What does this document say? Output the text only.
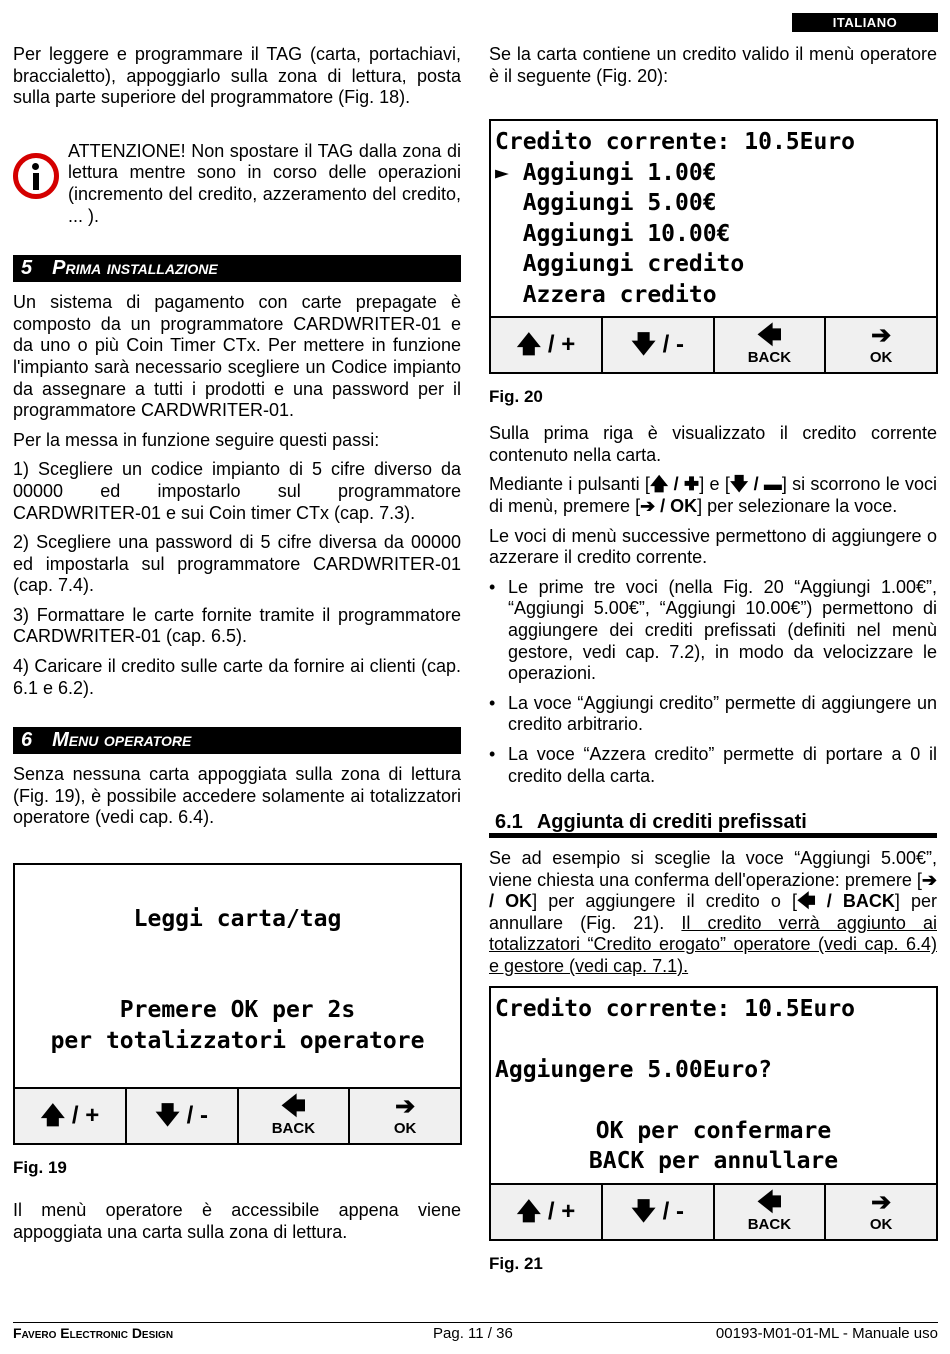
ITALIANO

Per leggere e programmare il TAG (carta, portachiavi, braccialetto), appoggiarlo sulla zona di lettura, posta sulla parte superiore del programmatore (Fig. 18).

ATTENZIONE! Non spostare il TAG dalla zona di lettura mentre sono in corso delle operazioni (incremento del credito, azzeramento del credito, ... ).

5 Prima installazione

Un sistema di pagamento con carte prepagate è composto da un programmatore CARDWRITER-01 e da uno o più Coin Timer CTx. Per mettere in funzione l'impianto sarà necessario scegliere un Codice impianto da assegnare a tutti i prodotti e una password per il programmatore CARDWRITER-01.

Per la messa in funzione seguire questi passi:

1) Scegliere un codice impianto di 5 cifre diverso da 00000 ed impostarlo sul programmatore CARDWRITER-01 e sui Coin timer CTx (cap. 7.3).

2) Scegliere una password di 5 cifre diversa da 00000 ed impostarla sul programmatore CARDWRITER-01 (cap. 7.4).

3) Formattare le carte fornite tramite il programmatore CARDWRITER-01 (cap. 6.5).

4) Caricare il credito sulle carte da fornire ai clienti (cap. 6.1 e 6.2).

6 Menu operatore

Senza nessuna carta appoggiata sulla zona di lettura (Fig. 19), è possibile accedere solamente ai totalizzatori operatore (vedi cap. 6.4).

Leggi carta/tag
Premere OK per 2s
per totalizzatori operatore
🡅
/ + 🡇
/ -	🡄
BACK
➔
OK
Fig. 19

Il menù operatore è accessibile appena viene appoggiata una carta sulla zona di lettura.

Se la carta contiene un credito valido il menù operatore è il seguente (Fig. 20):

Credito corrente: 10.5Euro
► Aggiungi 1.00€
Aggiungi 5.00€
Aggiungi 10.00€
Aggiungi credito
Azzera credito
🡅
/ + 🡇
/ -	🡄
BACK
➔
OK
Fig. 20

Sulla prima riga è visualizzato il credito corrente contenuto nella carta.

Mediante i pulsanti [🡅 / ✚] e [🡇 / ▬] si scorrono le voci di menù, premere [➔ / OK] per selezionare la voce.

Le voci di menù successive permettono di aggiungere o azzerare il credito corrente.

• Le prime tre voci (nella Fig. 20 “Aggiungi 1.00€”, “Aggiungi 5.00€”, “Aggiungi 10.00€”) permettono di aggiungere dei crediti prefissati (definiti nel menù gestore, vedi cap. 7.2), in modo da velocizzare le operazioni.
• La voce “Aggiungi credito” permette di aggiungere un credito arbitrario.
• La voce “Azzera credito” permette di portare a 0 il credito della carta.
6.1 Aggiunta di crediti prefissati

Se ad esempio si sceglie la voce “Aggiungi 5.00€”, viene chiesta una conferma dell'operazione: premere [➔ / OK] per aggiungere il credito o [🡄 / BACK] per annullare (Fig. 21). Il credito verrà aggiunto ai totalizzatori “Credito erogato” operatore (vedi cap. 6.4) e gestore (vedi cap. 7.1).

Credito corrente: 10.5Euro
Aggiungere 5.00Euro?
OK per confermare
BACK per annullare
🡅
/ + 🡇
/ -	🡄
BACK
➔
OK
Fig. 21
Favero Electronic Design	Pag. 11 / 36	00193-M01-01-ML - Manuale uso
